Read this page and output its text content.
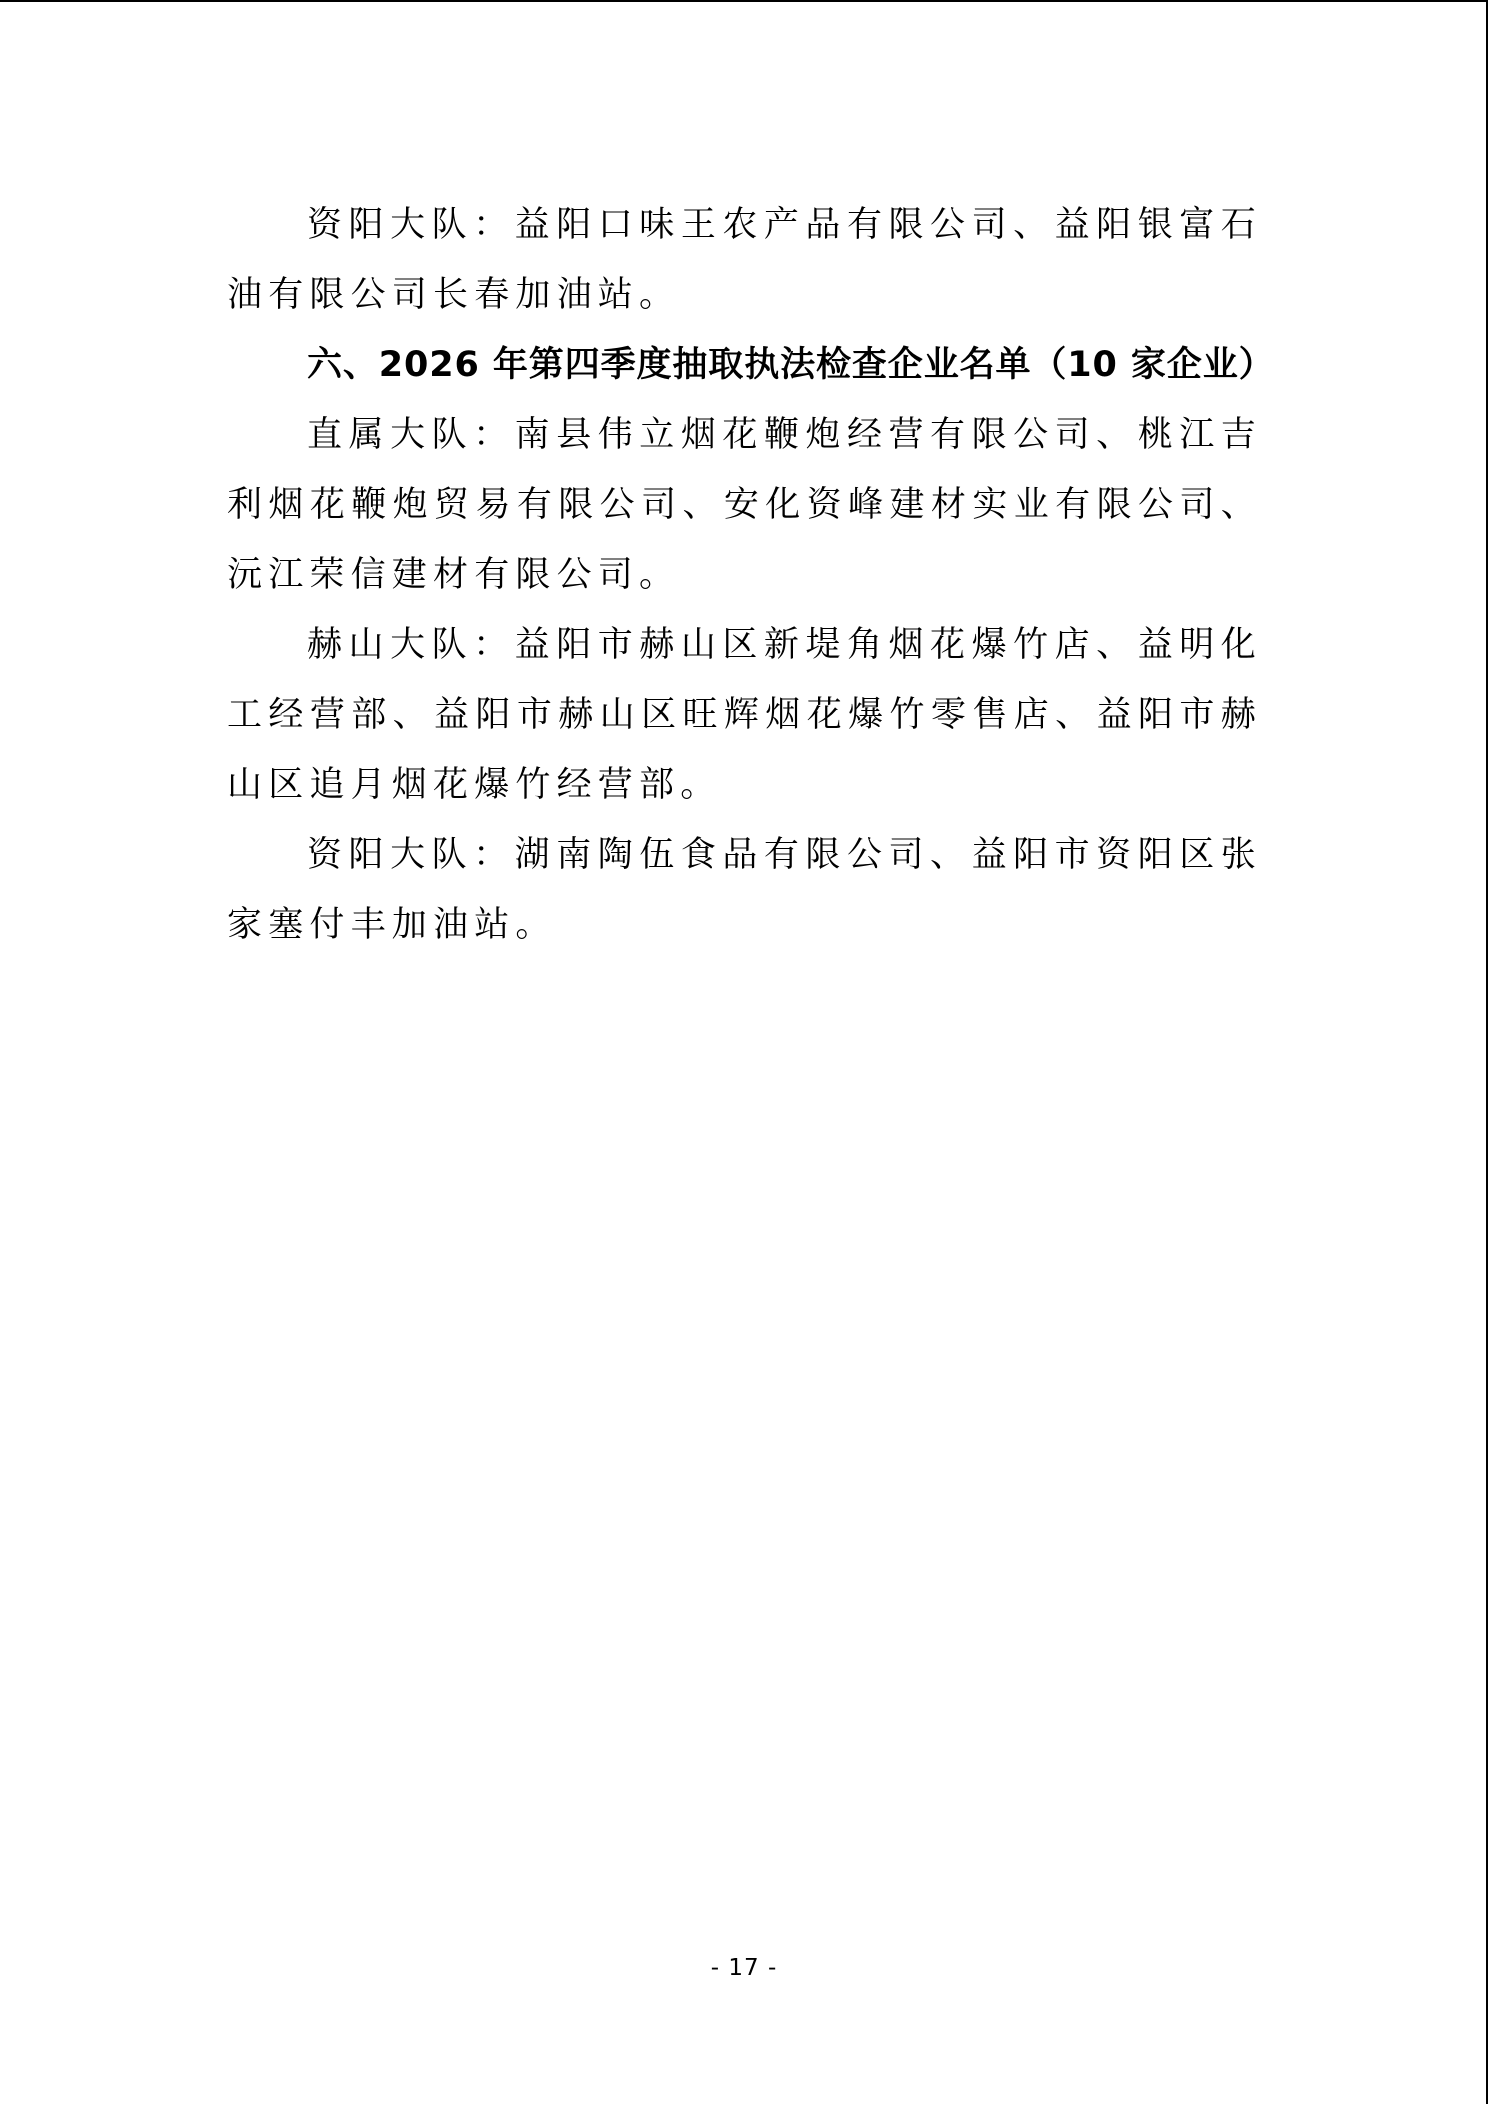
资阳大队：益阳口味王农产品有限公司、益阳银富石油有限公司长春加油站。

六、2026 年第四季度抽取执法检查企业名单（10 家企业）

直属大队：南县伟立烟花鞭炮经营有限公司、桃江吉利烟花鞭炮贸易有限公司、安化资峰建材实业有限公司、沅江荣信建材有限公司。

赫山大队：益阳市赫山区新堤角烟花爆竹店、益明化工经营部、益阳市赫山区旺辉烟花爆竹零售店、益阳市赫山区追月烟花爆竹经营部。

资阳大队：湖南陶伍食品有限公司、益阳市资阳区张家塞付丰加油站。

- 17 -
